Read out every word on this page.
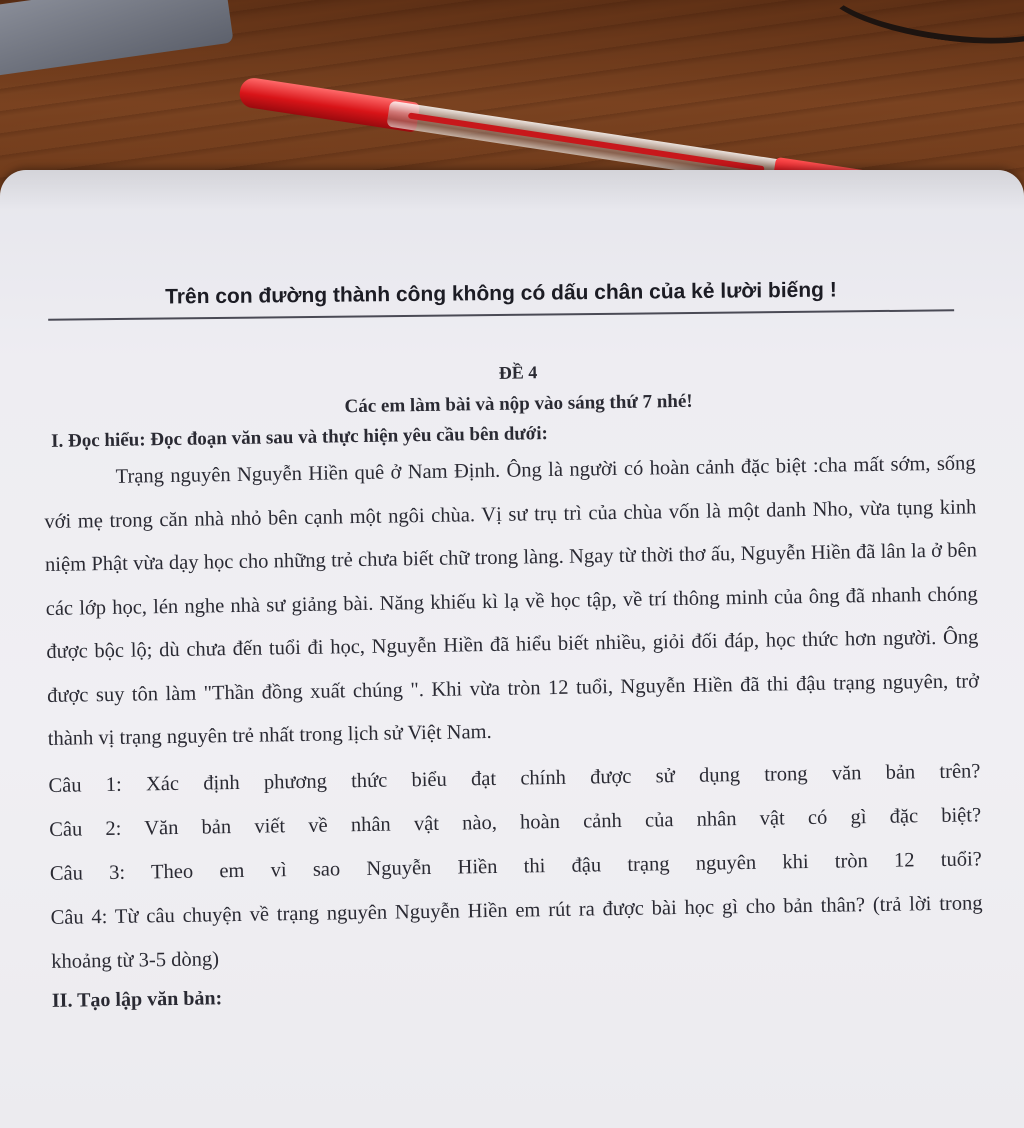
Trên con đường thành công không có dấu chân của kẻ lười biếng !
ĐỀ 4
Các em làm bài và nộp vào sáng thứ 7 nhé!
I. Đọc hiểu: Đọc đoạn văn sau và thực hiện yêu cầu bên dưới:

Trạng nguyên Nguyễn Hiền quê ở Nam Định. Ông là người có hoàn cảnh đặc biệt :cha mất sớm, sống với mẹ trong căn nhà nhỏ bên cạnh một ngôi chùa. Vị sư trụ trì của chùa vốn là một danh Nho, vừa tụng kinh niệm Phật vừa dạy học cho những trẻ chưa biết chữ trong làng. Ngay từ thời thơ ấu, Nguyễn Hiền đã lân la ở bên các lớp học, lén nghe nhà sư giảng bài. Năng khiếu kì lạ về học tập, về trí thông minh của ông đã nhanh chóng được bộc lộ; dù chưa đến tuổi đi học, Nguyễn Hiền đã hiểu biết nhiều, giỏi đối đáp, học thức hơn người. Ông được suy tôn làm "Thần đồng xuất chúng ". Khi vừa tròn 12 tuổi, Nguyễn Hiền đã thi đậu trạng nguyên, trở thành vị trạng nguyên trẻ nhất trong lịch sử Việt Nam.

Câu 1: Xác định phương thức biểu đạt chính được sử dụng trong văn bản trên?

Câu 2: Văn bản viết về nhân vật nào, hoàn cảnh của nhân vật có gì đặc biệt?

Câu 3: Theo em vì sao Nguyễn Hiền thi đậu trạng nguyên khi tròn 12 tuổi?

Câu 4: Từ câu chuyện về trạng nguyên Nguyễn Hiền em rút ra được bài học gì cho bản thân? (trả lời trong khoảng từ 3-5 dòng)

II. Tạo lập văn bản:
